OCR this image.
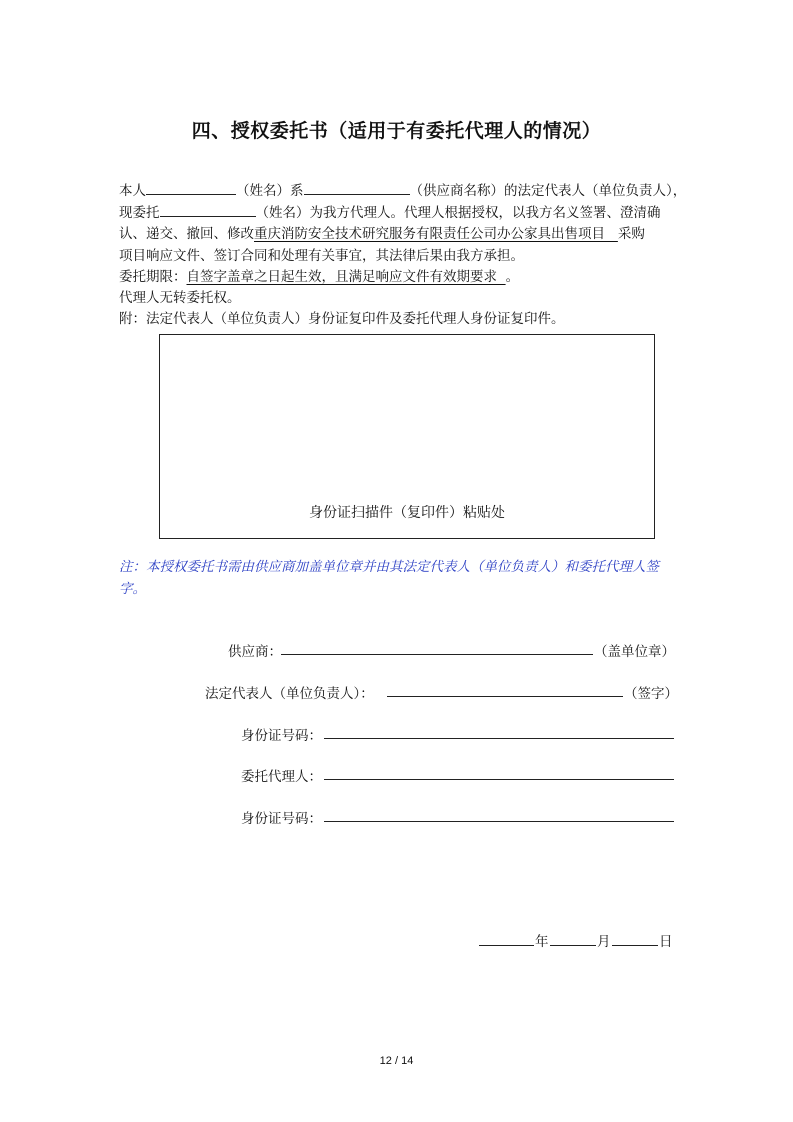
四、授权委托书（适用于有委托代理人的情况）
本人	（姓名）系	（供应商名称）的法定代表人（单位负责人），
现委托	（姓名）为我方代理人。代理人根据授权，以我方名义签署、澄清确
认、递交、撤回、修改重庆消防安全技术研究服务有限责任公司办公家具出售项目 采购
项目响应文件、签订合同和处理有关事宜，其法律后果由我方承担。
委托期限：自签字盖章之日起生效，且满足响应文件有效期要求 。
代理人无转委托权。
附：法定代表人（单位负责人）身份证复印件及委托代理人身份证复印件。
身份证扫描件（复印件）粘贴处
注：本授权委托书需由供应商加盖单位章并由其法定代表人（单位负责人）和委托代理人签字。
供应商：	（盖单位章）
法定代表人（单位负责人）：	（签字）
身份证号码：
委托代理人：
身份证号码：
年	月	日
12 / 14
